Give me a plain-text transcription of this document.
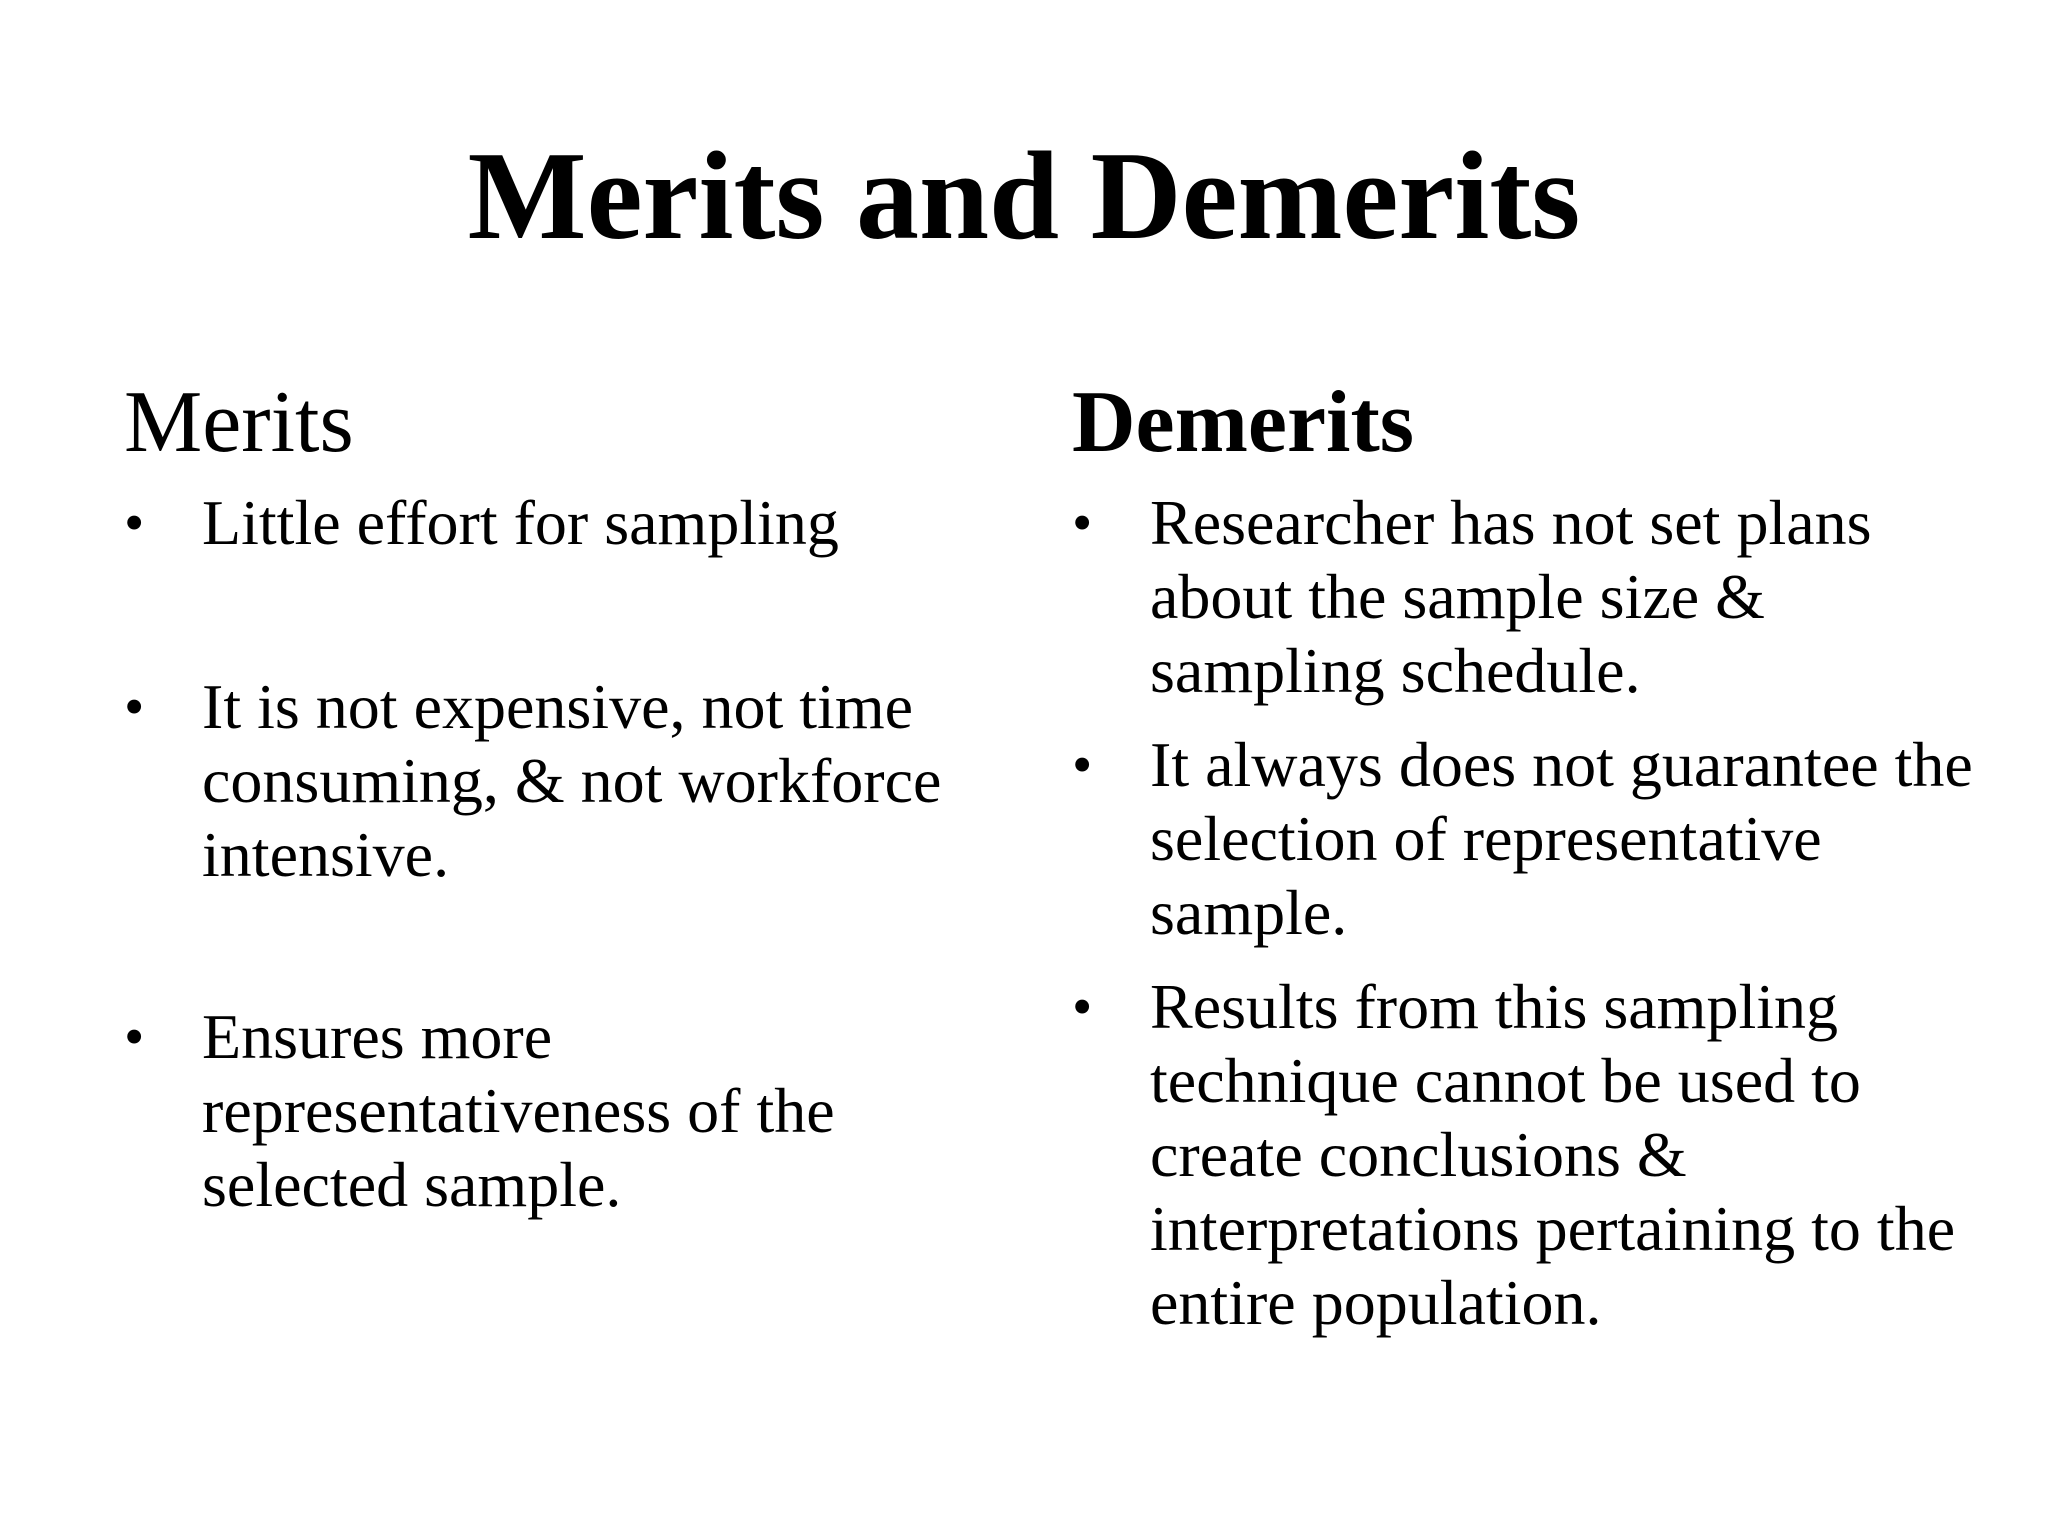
Merits and Demerits
Merits
• Little effort for sampling
• It is not expensive, not time consuming, & not workforce intensive.
• Ensures more representativeness of the selected sample.
Demerits
• Researcher has not set plans about the sample size & sampling schedule.
• It always does not guarantee the selection of representative sample.
• Results from this sampling technique cannot be used to create conclusions & interpretations pertaining to the entire population.
